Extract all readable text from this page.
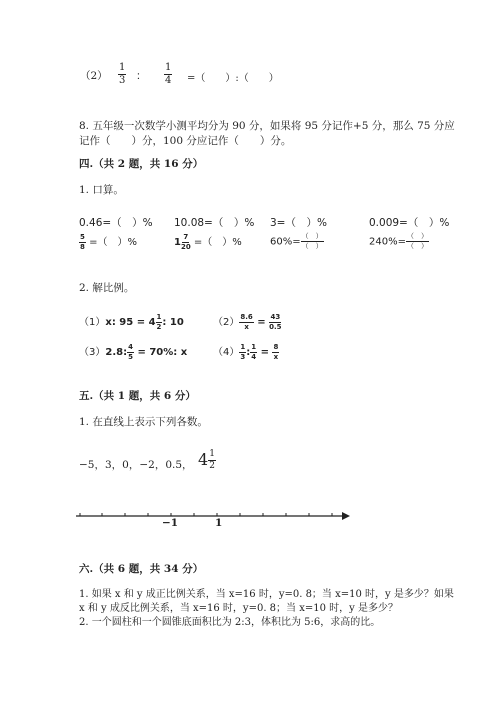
$(2) \frac{1}{3}$ ： $\frac{1}{4}$ =（　　）:（　　）
8. 五年级一次数学小测平均分为 90 分，如果将 95 分记作+5 分，那么 75 分应
记作（　　）分，100 分应记作（　　）分。
四.（共 2 题，共 16 分）
1. 口算。
0.46=（　）% 10.08=（　）% 3=（　）%	0.009=（　）%
$\frac{5}{8}$ =（　）%	$1 \frac{7}{20}$ =（　）%	$60\%= \frac{( )}{( )}$	$240\%= \frac{( )}{( )}$
2. 解比例。
（1）x: $95 = 4 \frac{1}{2}$ : 10	$(2) \frac{8.6}{x} = \frac{43}{0.5}$
（3）2.8: $\frac{4}{5} = 70\%$: x	$(4) \frac{1}{3}$ : $\frac{1}{4} = \frac{8}{x}$
五.（共 1 题，共 6 分）
1. 在直线上表示下列各数。
−5，3，0，−2，0.5， $4 \frac{1}{2}$
−1	1
六.（共 6 题，共 34 分）
1. 如果 x 和 y 成正比例关系，当 x=16 时，y=0. 8；当 x=10 时，y 是多少？如果
x 和 y 成反比例关系，当 x=16 时，y=0. 8；当 x=10 时，y 是多少？
2. 一个圆柱和一个圆锥底面积比为 2:3，体积比为 5:6，求高的比。
